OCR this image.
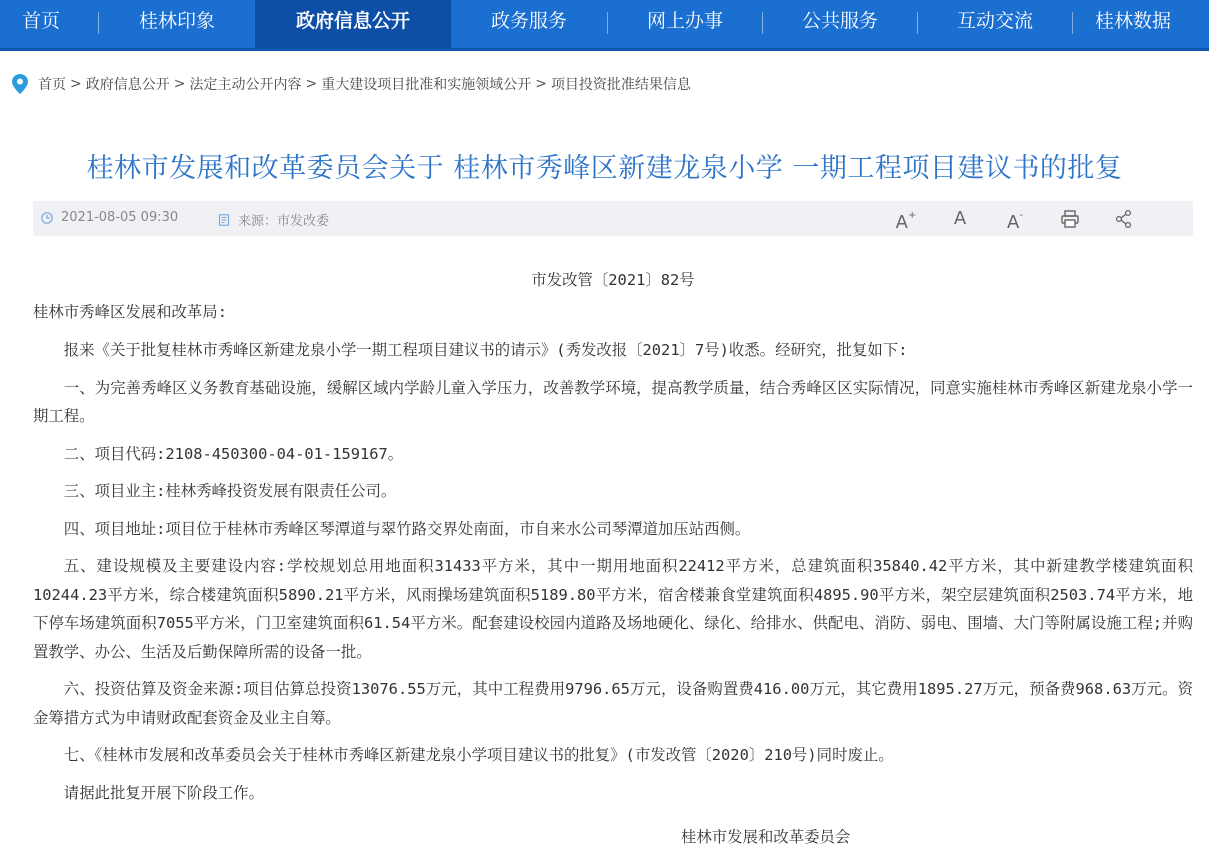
首页	桂林印象	政府信息公开	政务服务	网上办事	公共服务	互动交流	桂林数据
首页 > 政府信息公开 > 法定主动公开内容 > 重大建设项目批准和实施领域公开 > 项目投资批准结果信息
桂林市发展和改革委员会关于 桂林市秀峰区新建龙泉小学 一期工程项目建议书的批复
2021-08-05 09:30	来源：市发改委	A+	A	A-

市发改管〔2021〕82号

桂林市秀峰区发展和改革局:

报来《关于批复桂林市秀峰区新建龙泉小学一期工程项目建议书的请示》(秀发改报〔2021〕7号)收悉。经研究，批复如下:

一、为完善秀峰区义务教育基础设施，缓解区域内学龄儿童入学压力，改善教学环境，提高教学质量，结合秀峰区区实际情况，同意实施桂林市秀峰区新建龙泉小学一期工程。

二、项目代码:2108-450300-04-01-159167。

三、项目业主:桂林秀峰投资发展有限责任公司。

四、项目地址:项目位于桂林市秀峰区琴潭道与翠竹路交界处南面，市自来水公司琴潭道加压站西侧。

五、建设规模及主要建设内容:学校规划总用地面积31433平方米，其中一期用地面积22412平方米，总建筑面积35840.42平方米，其中新建教学楼建筑面积10244.23平方米，综合楼建筑面积5890.21平方米，风雨操场建筑面积5189.80平方米，宿舍楼兼食堂建筑面积4895.90平方米，架空层建筑面积2503.74平方米，地下停车场建筑面积7055平方米，门卫室建筑面积61.54平方米。配套建设校园内道路及场地硬化、绿化、给排水、供配电、消防、弱电、围墙、大门等附属设施工程;并购置教学、办公、生活及后勤保障所需的设备一批。

六、投资估算及资金来源:项目估算总投资13076.55万元，其中工程费用9796.65万元，设备购置费416.00万元，其它费用1895.27万元，预备费968.63万元。资金筹措方式为申请财政配套资金及业主自筹。

七、《桂林市发展和改革委员会关于桂林市秀峰区新建龙泉小学项目建议书的批复》(市发改管〔2020〕210号)同时废止。

请据此批复开展下阶段工作。

桂林市发展和改革委员会
